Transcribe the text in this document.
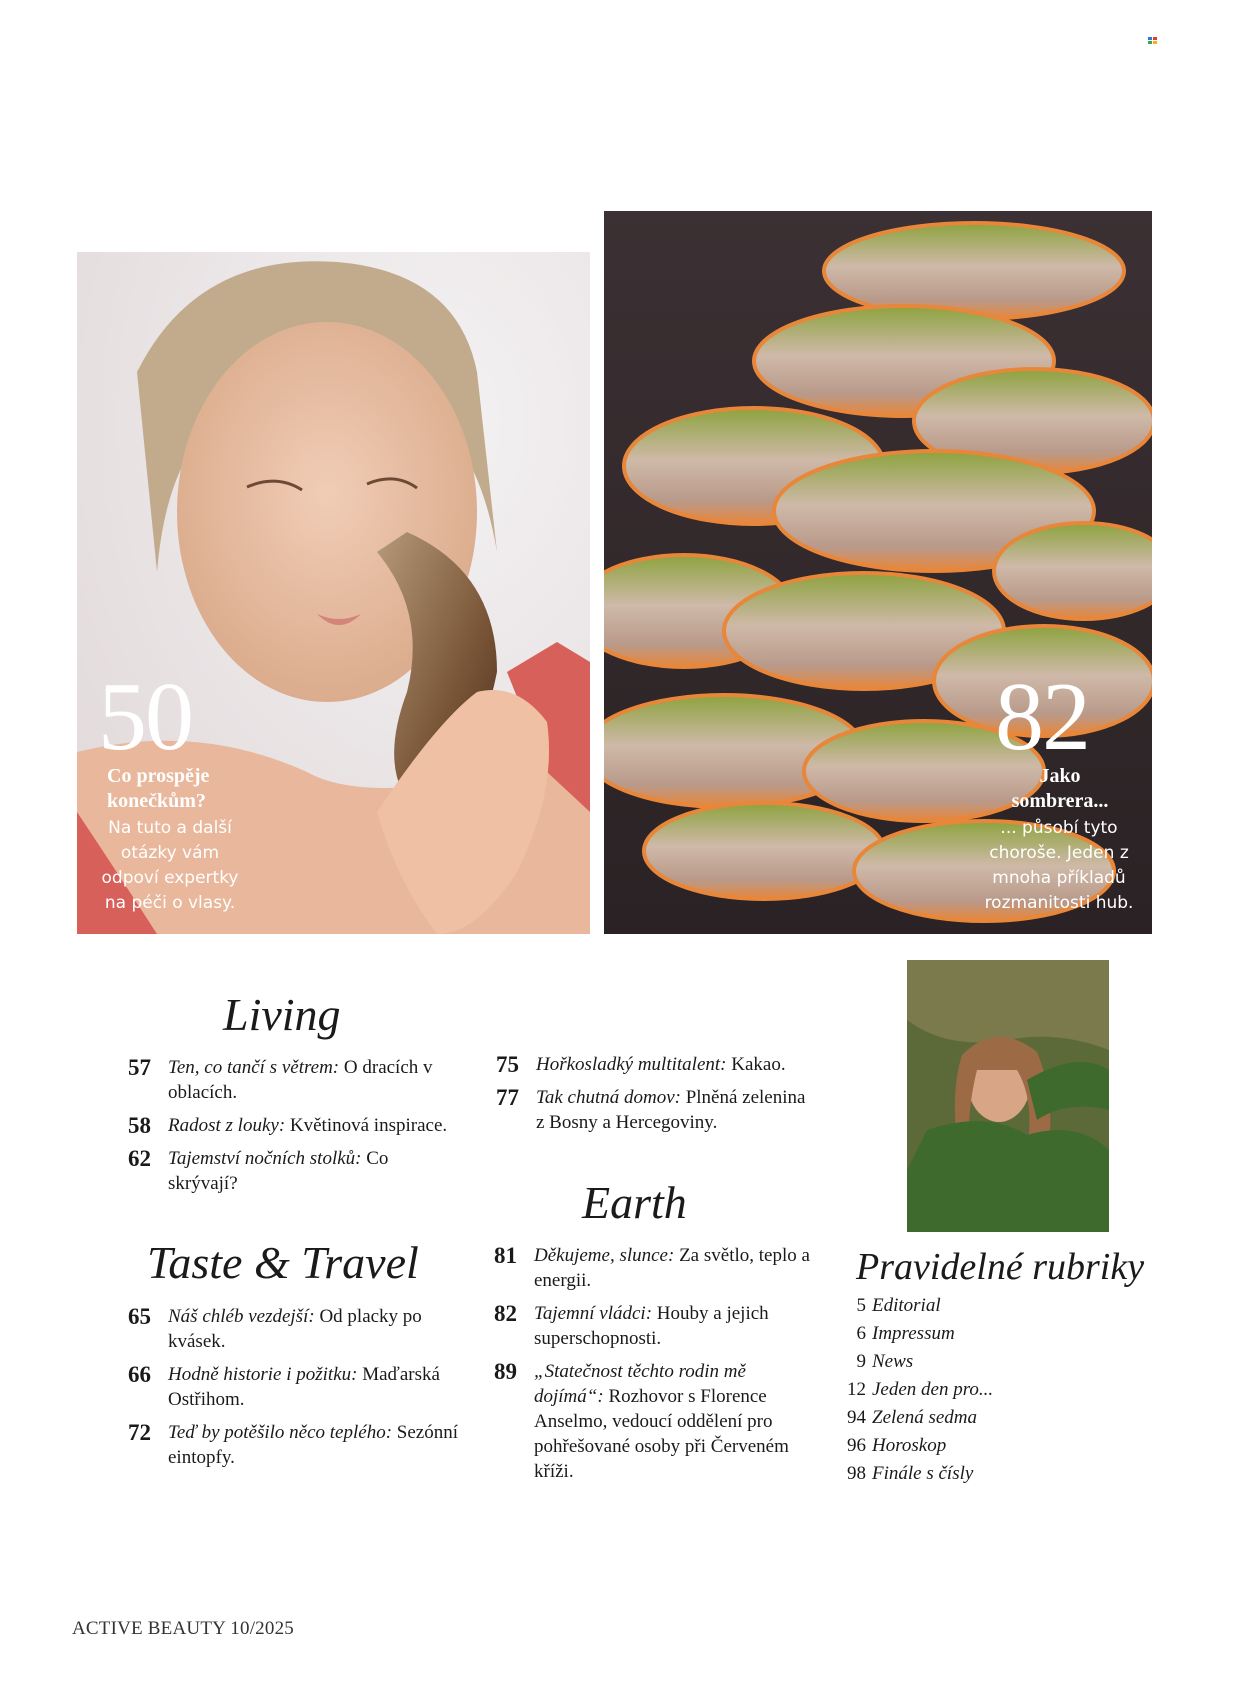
50
Co prospěje konečkům?
Na tuto a další otázky vám odpoví expertky na péči o vlasy.
82
Jako sombrera...
... působí tyto choroše. Jeden z mnoha příkladů rozmanitosti hub.
Living
57 Ten, co tančí s větrem: O dracích v oblacích.
58 Radost z louky: Květinová inspirace.
62 Tajemství nočních stolků: Co skrývají?
Taste & Travel
65 Náš chléb vezdejší: Od placky po kvásek.
66 Hodně historie i požitku: Maďarská Ostřihom.
72 Teď by potěšilo něco teplého: Sezónní eintopfy.
75 Hořkosladký multitalent: Kakao.
77 Tak chutná domov: Plněná zelenina z Bosny a Hercegoviny.
Earth
81 Děkujeme, slunce: Za světlo, teplo a energii.
82 Tajemní vládci: Houby a jejich superschopnosti.
89 „Statečnost těchto rodin mě dojímá“: Rozhovor s Florence Anselmo, vedoucí oddělení pro pohřešované osoby při Červeném kříži.
Pravidelné rubriky
5 Editorial
6 Impressum
9 News
12 Jeden den pro...
94 Zelená sedma
96 Horoskop
98 Finále s čísly
ACTIVE BEAUTY 10/2025
